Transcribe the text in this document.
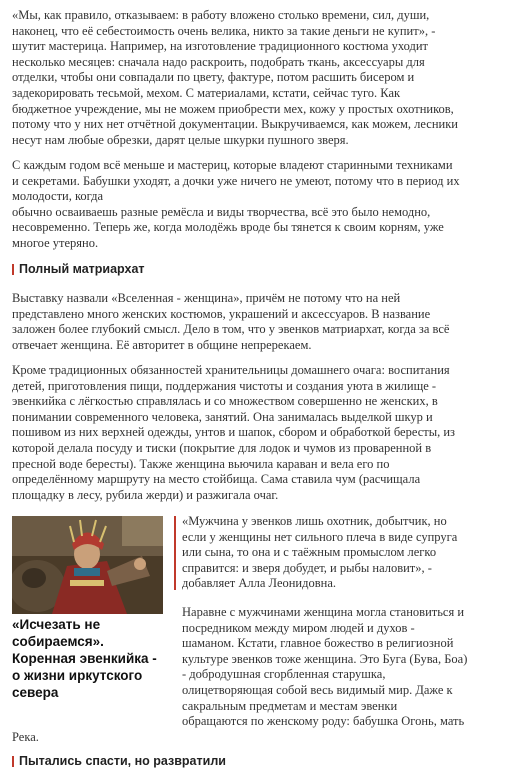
«Мы, как правило, отказываем: в работу вложено столько времени, сил, души,
наконец, что её себестоимость очень велика, никто за такие деньги не купит», -
шутит мастерица. Например, на изготовление традиционного костюма уходит
несколько месяцев: сначала надо раскроить, подобрать ткань, аксессуары для
отделки, чтобы они совпадали по цвету, фактуре, потом расшить бисером и
задекорировать тесьмой, мехом. С материалами, кстати, сейчас туго. Как
бюджетное учреждение, мы не можем приобрести мех, кожу у простых охотников,
потому что у них нет отчётной документации. Выкручиваемся, как можем, лесники
несут нам любые обрезки, дарят целые шкурки пушного зверя.
С каждым годом всё меньше и мастериц, которые владеют старинными техниками
и секретами. Бабушки уходят, а дочки уже ничего не умеют, потому что в период их
молодости, когда
обычно осваиваешь разные ремёсла и виды творчества, всё это было немодно,
несовременно. Теперь же, когда молодёжь вроде бы тянется к своим корням, уже
многое утеряно.
Полный матриархат
Выставку назвали «Вселенная - женщина», причём не потому что на ней
представлено много женских костюмов, украшений и аксессуаров. В название
заложен более глубокий смысл. Дело в том, что у эвенков матриархат, когда за всё
отвечает женщина. Её авторитет в общине непререкаем.
Кроме традиционных обязанностей хранительницы домашнего очага: воспитания
детей, приготовления пищи, поддержания чистоты и создания уюта в жилище -
эвенкийка с лёгкостью справлялась и со множеством совершенно не женских, в
понимании современного человека, занятий. Она занималась выделкой шкур и
пошивом из них верхней одежды, унтов и шапок, сбором и обработкой бересты, из
которой делала посуду и тиски (покрытие для лодок и чумов из проваренной в
пресной воде бересты). Также женщина вьючила караван и вела его по
определённому маршруту на место стойбища. Сама ставила чум (расчищала
площадку в лесу, рубила жерди) и разжигала очаг.
«Исчезать не
собираемся».
Коренная эвенкийка -
о жизни иркутского
севера
«Мужчина у эвенков лишь охотник, добытчик, но
если у женщины нет сильного плеча в виде супруга
или сына, то она и с таёжным промыслом легко
справится: и зверя добудет, и рыбы наловит», -
добавляет Алла Леонидовна.
Наравне с мужчинами женщина могла становиться и
посредником между миром людей и духов -
шаманом. Кстати, главное божество в религиозной
культуре эвенков тоже женщина. Это Буга (Бува, Боа)
- добродушная сгорбленная старушка,
олицетворяющая собой весь видимый мир. Даже к
сакральным предметам и местам эвенки
обращаются по женскому роду: бабушка Огонь, мать
Река.
Пытались спасти, но развратили
